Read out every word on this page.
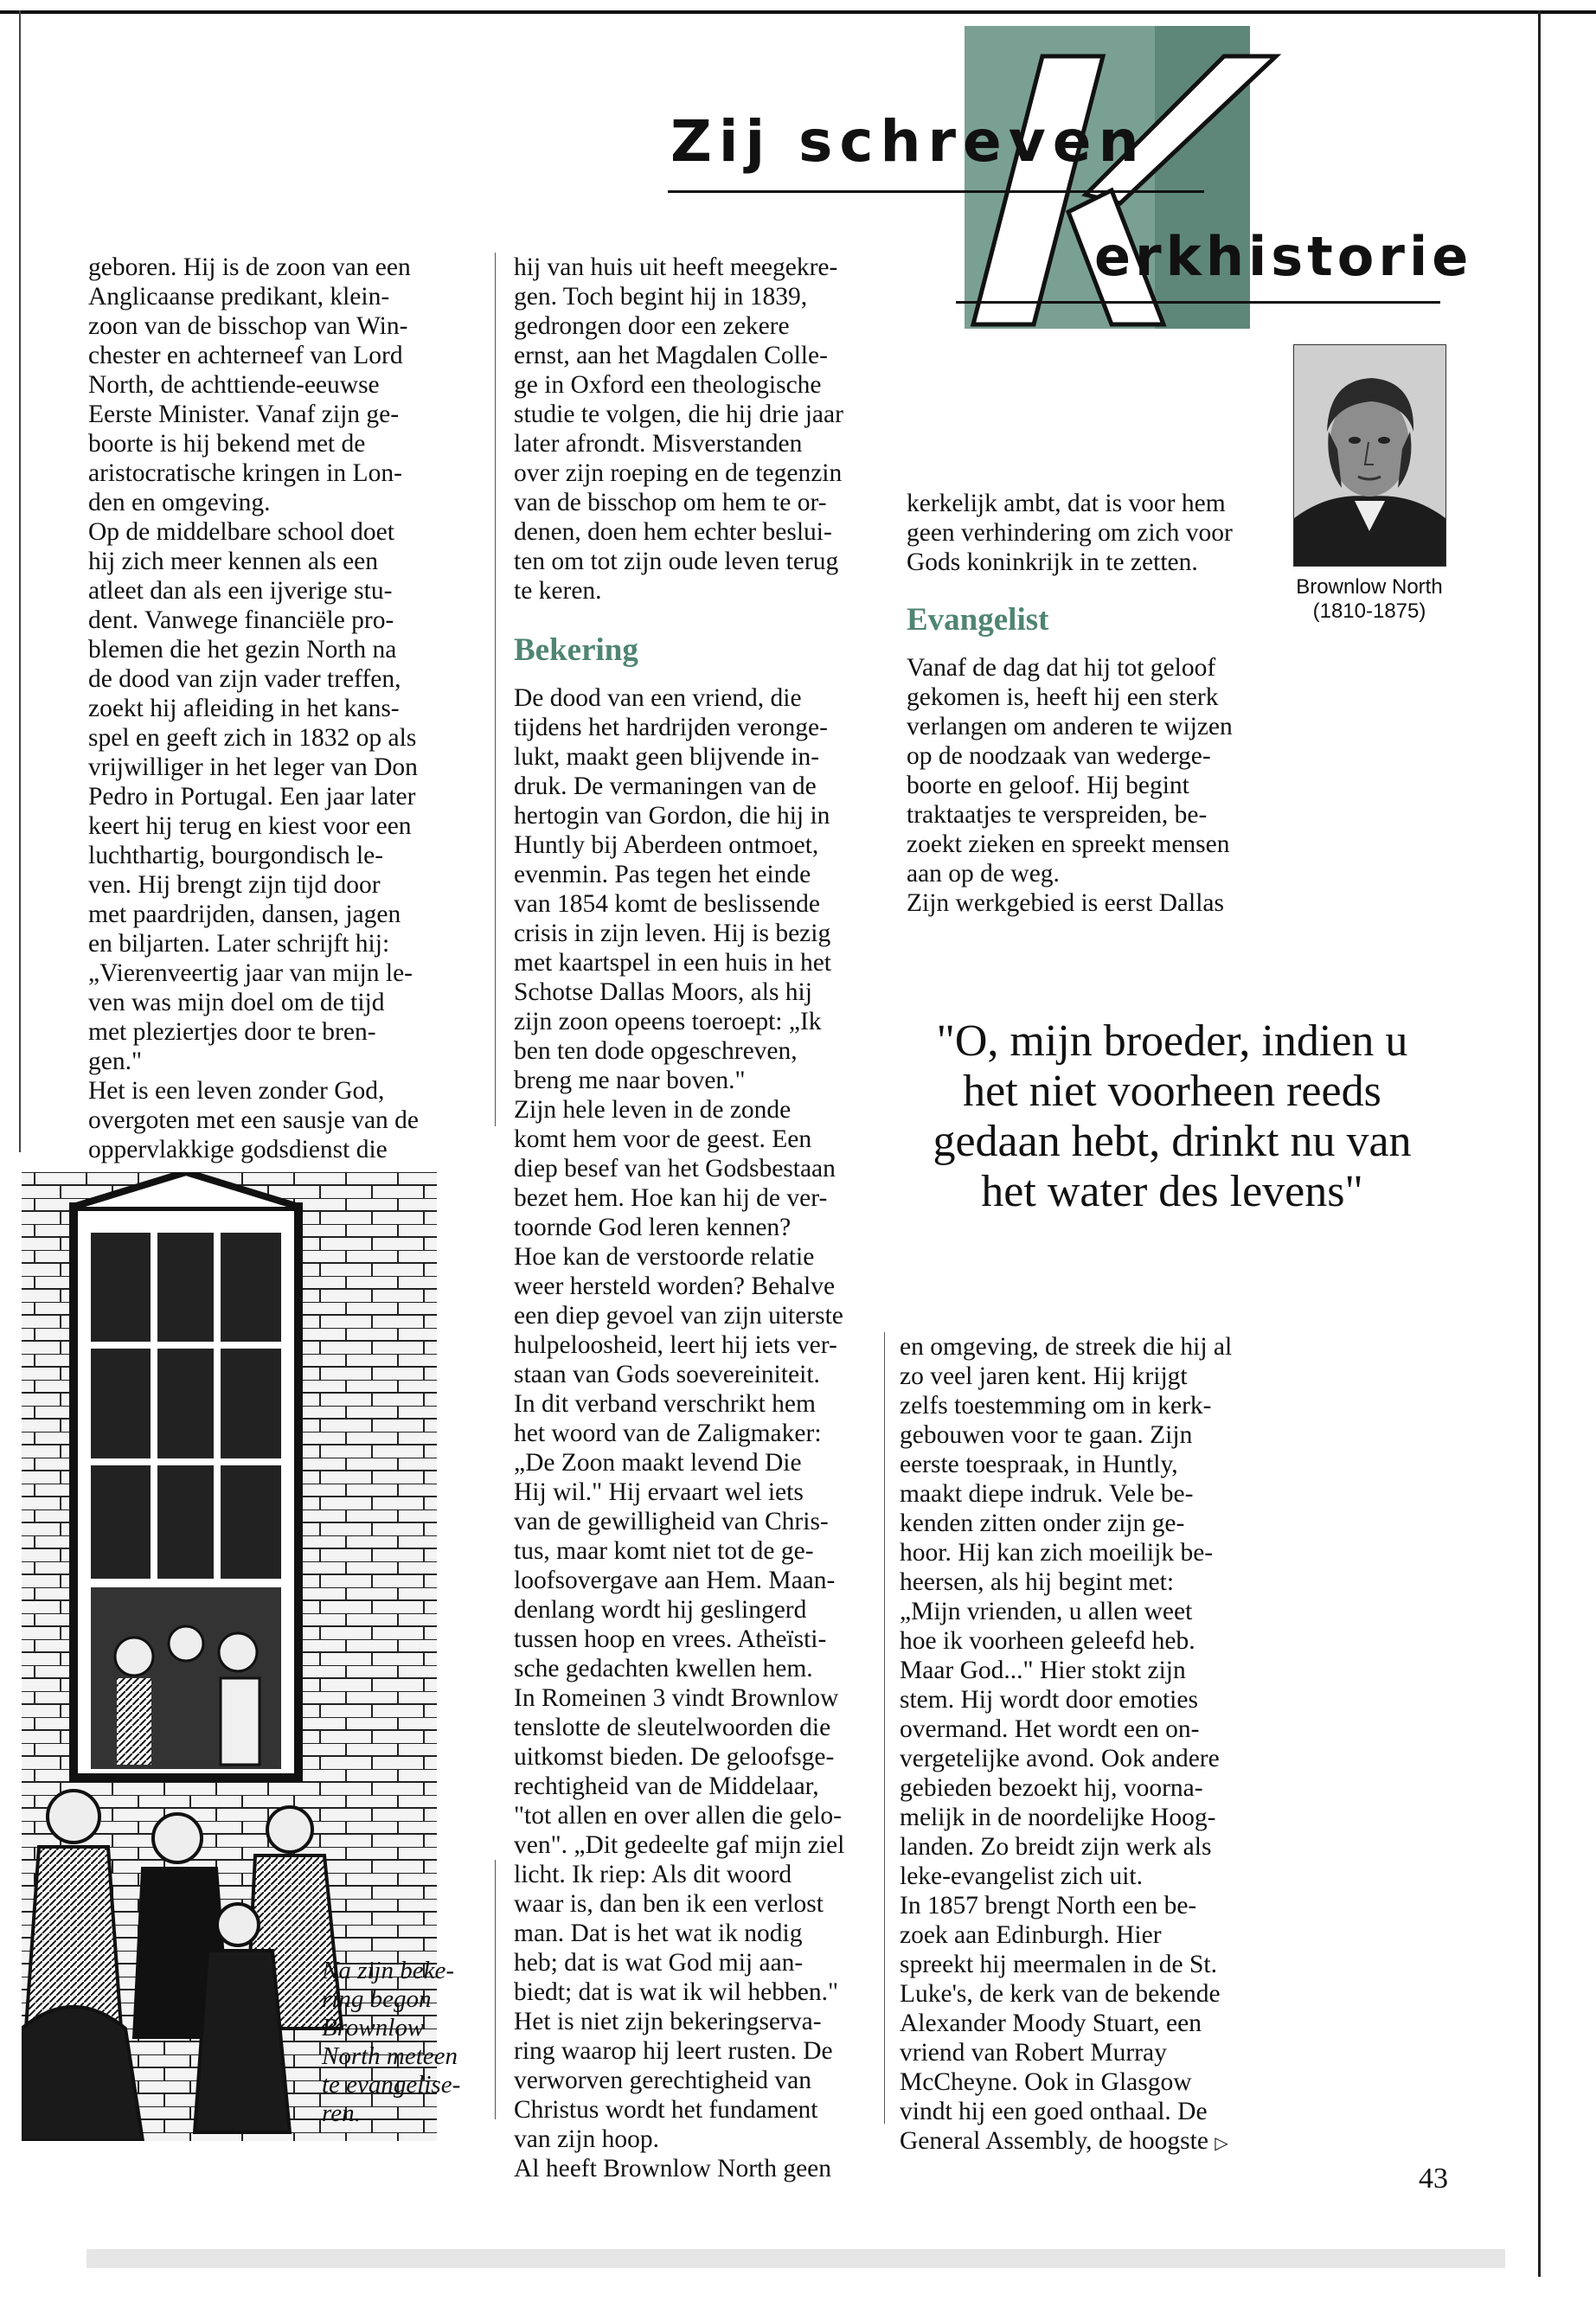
K
Zij schreven
erkhistorie

geboren. Hij is de zoon van een

Anglicaanse predikant, klein-

zoon van de bisschop van Win-

chester en achterneef van Lord

North, de achttiende-eeuwse

Eerste Minister. Vanaf zijn ge-

boorte is hij bekend met de

aristocratische kringen in Lon-

den en omgeving.

Op de middelbare school doet

hij zich meer kennen als een

atleet dan als een ijverige stu-

dent. Vanwege financiële pro-

blemen die het gezin North na

de dood van zijn vader treffen,

zoekt hij afleiding in het kans-

spel en geeft zich in 1832 op als

vrijwilliger in het leger van Don

Pedro in Portugal. Een jaar later

keert hij terug en kiest voor een

luchthartig, bourgondisch le-

ven. Hij brengt zijn tijd door

met paardrijden, dansen, jagen

en biljarten. Later schrijft hij:

„Vierenveertig jaar van mijn le-

ven was mijn doel om de tijd

met pleziertjes door te bren-

gen."

Het is een leven zonder God,

overgoten met een sausje van de

oppervlakkige godsdienst die

hij van huis uit heeft meegekre-

gen. Toch begint hij in 1839,

gedrongen door een zekere

ernst, aan het Magdalen Colle-

ge in Oxford een theologische

studie te volgen, die hij drie jaar

later afrondt. Misverstanden

over zijn roeping en de tegenzin

van de bisschop om hem te or-

denen, doen hem echter beslui-

ten om tot zijn oude leven terug

te keren.

Bekering

De dood van een vriend, die

tijdens het hardrijden veronge-

lukt, maakt geen blijvende in-

druk. De vermaningen van de

hertogin van Gordon, die hij in

Huntly bij Aberdeen ontmoet,

evenmin. Pas tegen het einde

van 1854 komt de beslissende

crisis in zijn leven. Hij is bezig

met kaartspel in een huis in het

Schotse Dallas Moors, als hij

zijn zoon opeens toeroept: „Ik

ben ten dode opgeschreven,

breng me naar boven."

Zijn hele leven in de zonde

komt hem voor de geest. Een

diep besef van het Godsbestaan

bezet hem. Hoe kan hij de ver-

toornde God leren kennen?

Hoe kan de verstoorde relatie

weer hersteld worden? Behalve

een diep gevoel van zijn uiterste

hulpeloosheid, leert hij iets ver-

staan van Gods soevereiniteit.

In dit verband verschrikt hem

het woord van de Zaligmaker:

„De Zoon maakt levend Die

Hij wil." Hij ervaart wel iets

van de gewilligheid van Chris-

tus, maar komt niet tot de ge-

loofsovergave aan Hem. Maan-

denlang wordt hij geslingerd

tussen hoop en vrees. Atheïsti-

sche gedachten kwellen hem.

In Romeinen 3 vindt Brownlow

tenslotte de sleutelwoorden die

uitkomst bieden. De geloofsge-

rechtigheid van de Middelaar,

"tot allen en over allen die gelo-

ven". „Dit gedeelte gaf mijn ziel

licht. Ik riep: Als dit woord

waar is, dan ben ik een verlost

man. Dat is het wat ik nodig

heb; dat is wat God mij aan-

biedt; dat is wat ik wil hebben."

Het is niet zijn bekeringserva-

ring waarop hij leert rusten. De

verworven gerechtigheid van

Christus wordt het fundament

van zijn hoop.

Al heeft Brownlow North geen

kerkelijk ambt, dat is voor hem

geen verhindering om zich voor

Gods koninkrijk in te zetten.

Evangelist

Vanaf de dag dat hij tot geloof

gekomen is, heeft hij een sterk

verlangen om anderen te wijzen

op de noodzaak van wederge-

boorte en geloof. Hij begint

traktaatjes te verspreiden, be-

zoekt zieken en spreekt mensen

aan op de weg.

Zijn werkgebied is eerst Dallas

Brownlow North
(1810-1875)

"O, mijn broeder, indien u

het niet voorheen reeds

gedaan hebt, drinkt nu van

het water des levens"

en omgeving, de streek die hij al

zo veel jaren kent. Hij krijgt

zelfs toestemming om in kerk-

gebouwen voor te gaan. Zijn

eerste toespraak, in Huntly,

maakt diepe indruk. Vele be-

kenden zitten onder zijn ge-

hoor. Hij kan zich moeilijk be-

heersen, als hij begint met:

„Mijn vrienden, u allen weet

hoe ik voorheen geleefd heb.

Maar God..." Hier stokt zijn

stem. Hij wordt door emoties

overmand. Het wordt een on-

vergetelijke avond. Ook andere

gebieden bezoekt hij, voorna-

melijk in de noordelijke Hoog-

landen. Zo breidt zijn werk als

leke-evangelist zich uit.

In 1857 brengt North een be-

zoek aan Edinburgh. Hier

spreekt hij meermalen in de St.

Luke's, de kerk van de bekende

Alexander Moody Stuart, een

vriend van Robert Murray

McCheyne. Ook in Glasgow

vindt hij een goed onthaal. De

General Assembly, de hoogste ▷

Na zijn beke-

ring begon

Brownlow

North meteen

te evangelise-

ren.

43
